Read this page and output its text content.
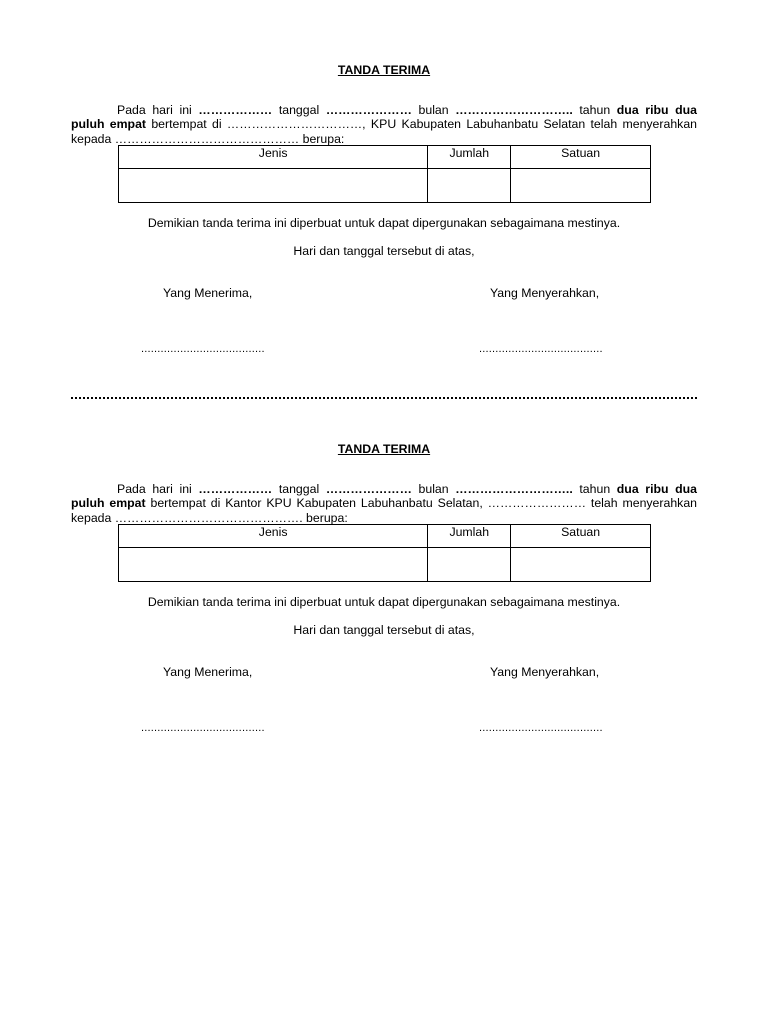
TANDA TERIMA

Pada hari ini ……………… tanggal ………………… bulan ……………………….. tahun dua ribu dua puluh empat bertempat di ……………………………, KPU Kabupaten Labuhanbatu Selatan telah menyerahkan kepada ……………………………………… berupa:

Jenis	Jumlah	Satuan

Demikian tanda terima ini diperbuat untuk dapat dipergunakan sebagaimana mestinya.

Hari dan tanggal tersebut di atas,

Yang Menerima,	Yang Menyerahkan,

......................................	......................................

TANDA TERIMA

Pada hari ini ……………… tanggal ………………… bulan ……………………….. tahun dua ribu dua puluh empat bertempat di Kantor KPU Kabupaten Labuhanbatu Selatan, …………………… telah menyerahkan kepada ………………………………………. berupa:

Jenis	Jumlah	Satuan

Demikian tanda terima ini diperbuat untuk dapat dipergunakan sebagaimana mestinya.

Hari dan tanggal tersebut di atas,

Yang Menerima,	Yang Menyerahkan,

......................................	......................................
